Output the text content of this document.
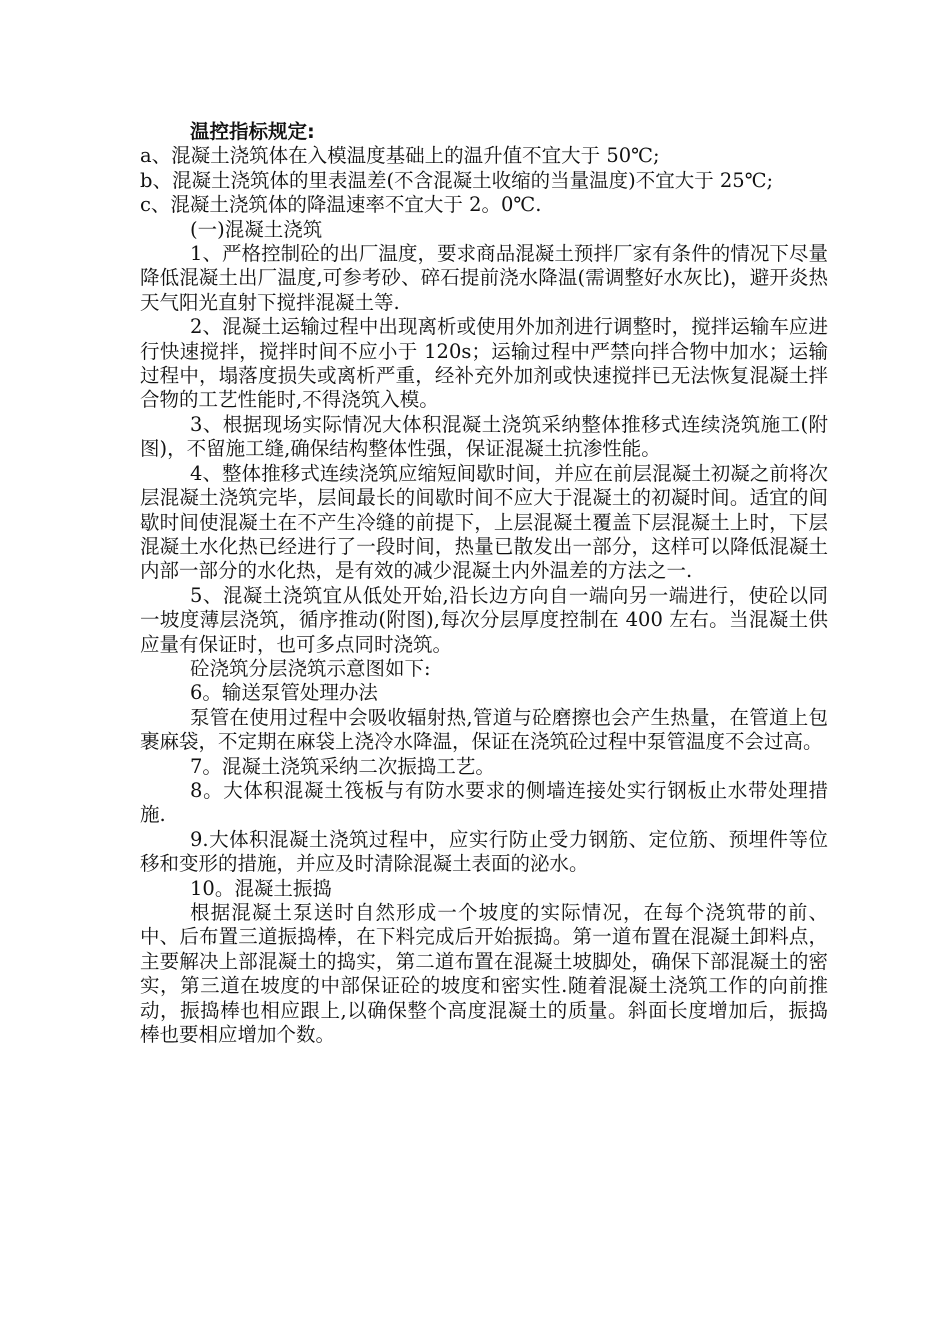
温控指标规定:

a、混凝土浇筑体在入模温度基础上的温升值不宜大于 50℃;

b、混凝土浇筑体的里表温差(不含混凝土收缩的当量温度)不宜大于 25℃;

c、混凝土浇筑体的降温速率不宜大于 2。0℃.

(一)混凝土浇筑

1、严格控制砼的出厂温度，要求商品混凝土预拌厂家有条件的情况下尽量降低混凝土出厂温度,可参考砂、碎石提前浇水降温(需调整好水灰比)，避开炎热天气阳光直射下搅拌混凝土等.

2、混凝土运输过程中出现离析或使用外加剂进行调整时，搅拌运输车应进行快速搅拌，搅拌时间不应小于 120s；运输过程中严禁向拌合物中加水；运输过程中，塌落度损失或离析严重，经补充外加剂或快速搅拌已无法恢复混凝土拌合物的工艺性能时,不得浇筑入模。

3、根据现场实际情况大体积混凝土浇筑采纳整体推移式连续浇筑施工(附图)，不留施工缝,确保结构整体性强，保证混凝土抗渗性能。

4、整体推移式连续浇筑应缩短间歇时间，并应在前层混凝土初凝之前将次层混凝土浇筑完毕，层间最长的间歇时间不应大于混凝土的初凝时间。适宜的间歇时间使混凝土在不产生冷缝的前提下，上层混凝土覆盖下层混凝土上时，下层混凝土水化热已经进行了一段时间，热量已散发出一部分，这样可以降低混凝土内部一部分的水化热，是有效的减少混凝土内外温差的方法之一.

5、混凝土浇筑宜从低处开始,沿长边方向自一端向另一端进行，使砼以同一坡度薄层浇筑，循序推动(附图),每次分层厚度控制在 400 左右。当混凝土供应量有保证时，也可多点同时浇筑。

砼浇筑分层浇筑示意图如下:

6。输送泵管处理办法

泵管在使用过程中会吸收辐射热,管道与砼磨擦也会产生热量，在管道上包裹麻袋，不定期在麻袋上浇冷水降温，保证在浇筑砼过程中泵管温度不会过高。

7。混凝土浇筑采纳二次振捣工艺。

8。大体积混凝土筏板与有防水要求的侧墙连接处实行钢板止水带处理措施.

9.大体积混凝土浇筑过程中，应实行防止受力钢筋、定位筋、预埋件等位移和变形的措施，并应及时清除混凝土表面的泌水。

10。混凝土振捣

根据混凝土泵送时自然形成一个坡度的实际情况，在每个浇筑带的前、中、后布置三道振捣棒，在下料完成后开始振捣。第一道布置在混凝土卸料点，主要解决上部混凝土的捣实，第二道布置在混凝土坡脚处，确保下部混凝土的密实，第三道在坡度的中部保证砼的坡度和密实性.随着混凝土浇筑工作的向前推动，振捣棒也相应跟上,以确保整个高度混凝土的质量。斜面长度增加后，振捣棒也要相应增加个数。
